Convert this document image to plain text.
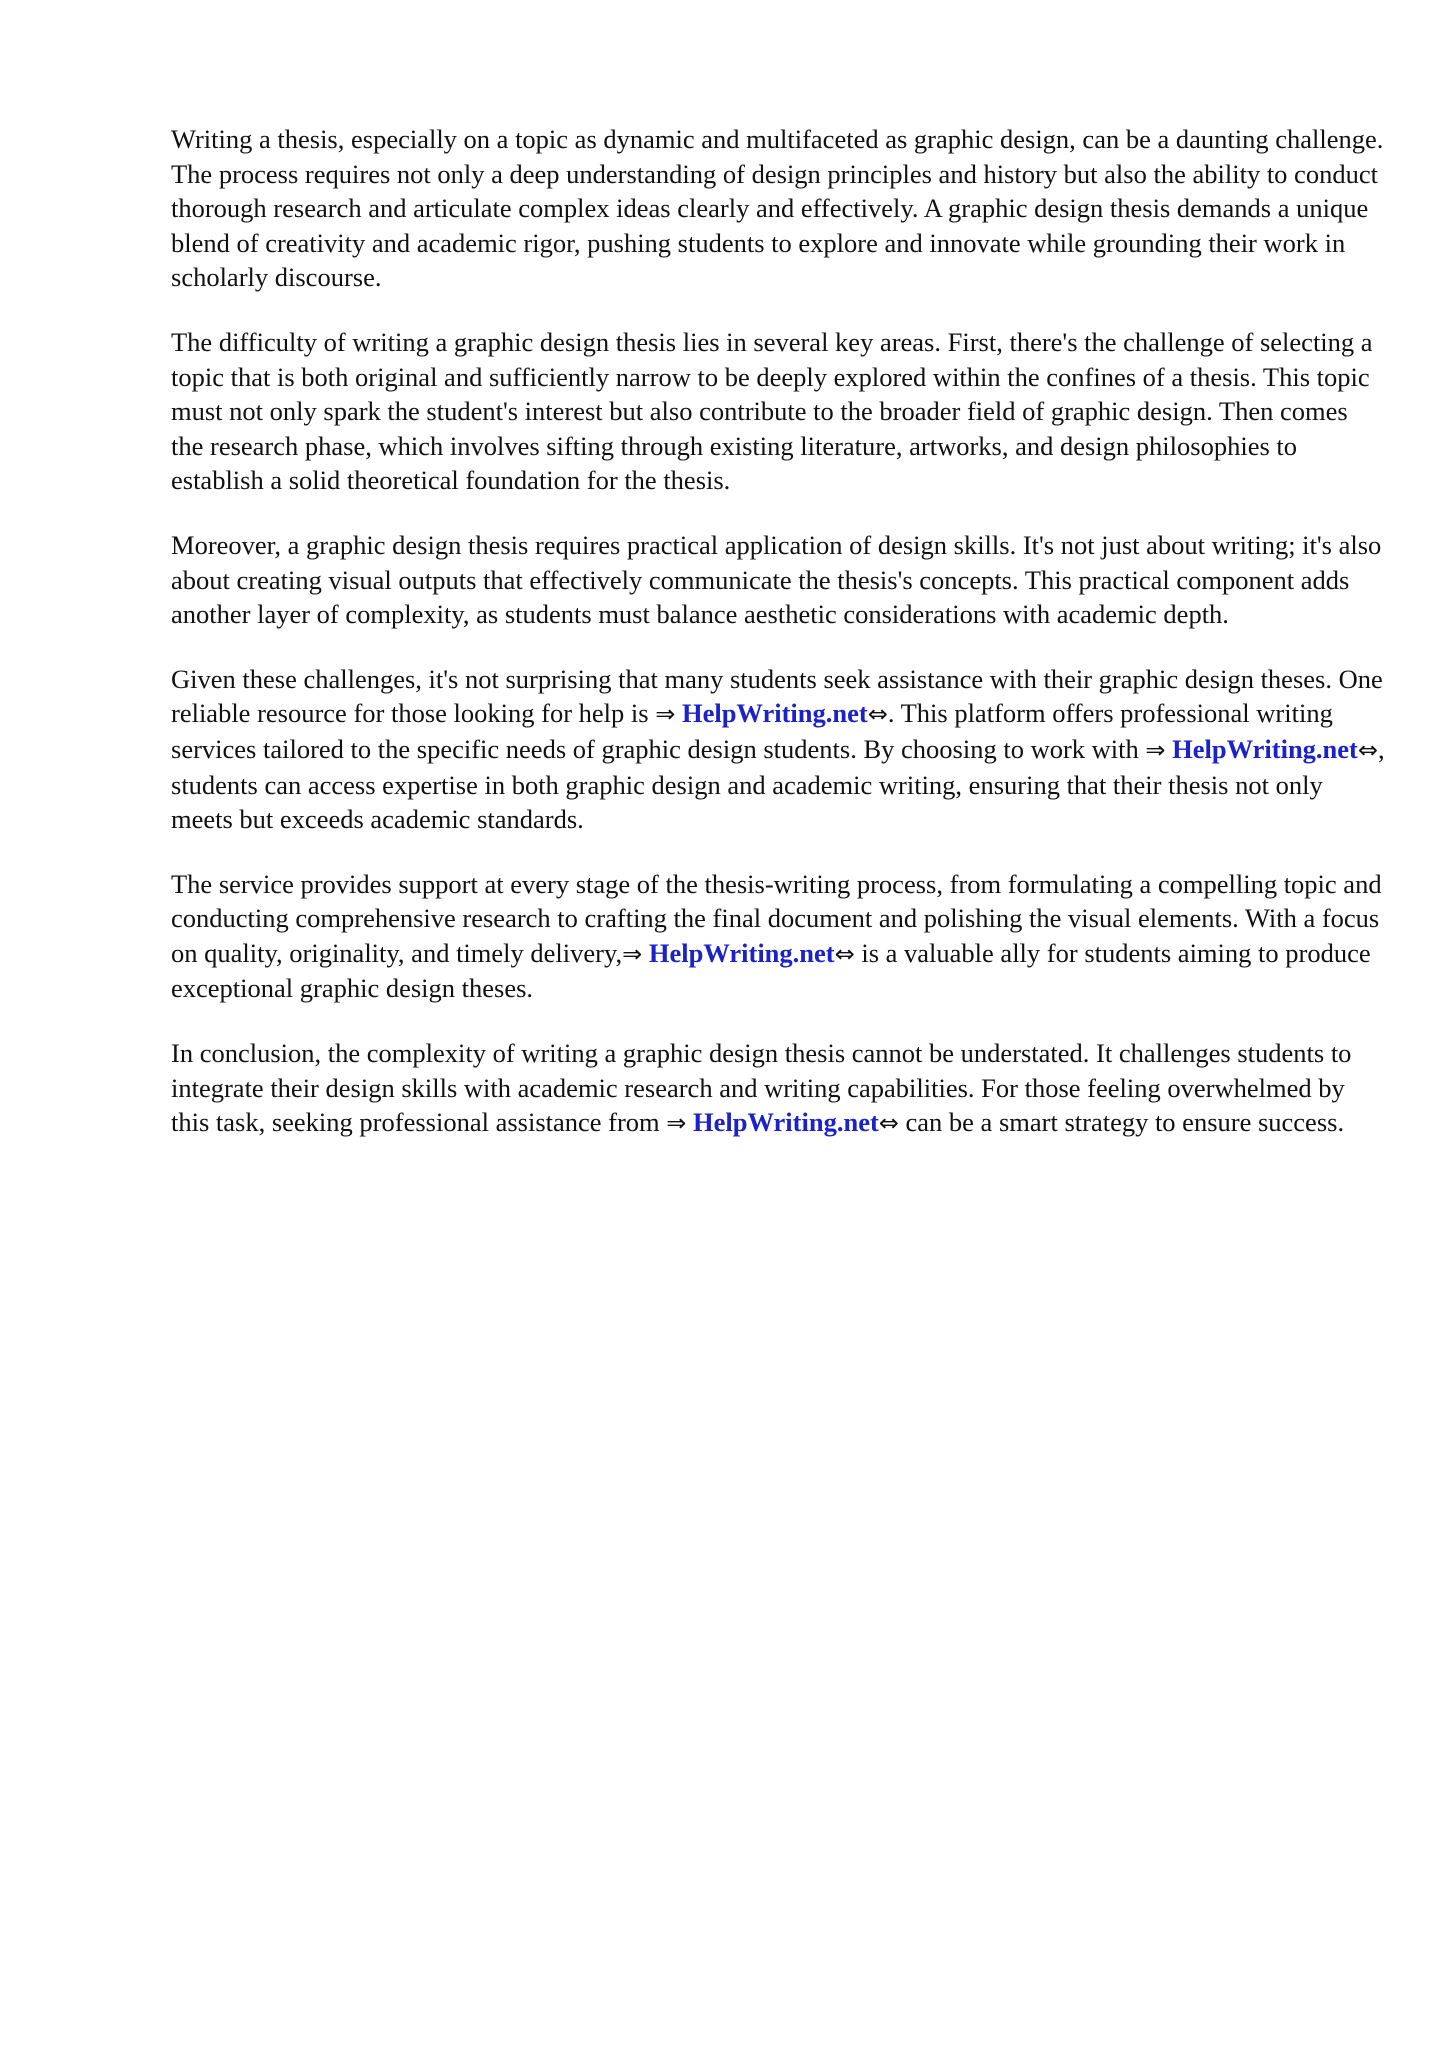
Writing a thesis, especially on a topic as dynamic and multifaceted as graphic design, can be a daunting challenge. The process requires not only a deep understanding of design principles and history but also the ability to conduct thorough research and articulate complex ideas clearly and effectively. A graphic design thesis demands a unique blend of creativity and academic rigor, pushing students to explore and innovate while grounding their work in scholarly discourse.

The difficulty of writing a graphic design thesis lies in several key areas. First, there's the challenge of selecting a topic that is both original and sufficiently narrow to be deeply explored within the confines of a thesis. This topic must not only spark the student's interest but also contribute to the broader field of graphic design. Then comes the research phase, which involves sifting through existing literature, artworks, and design philosophies to establish a solid theoretical foundation for the thesis.

Moreover, a graphic design thesis requires practical application of design skills. It's not just about writing; it's also about creating visual outputs that effectively communicate the thesis's concepts. This practical component adds another layer of complexity, as students must balance aesthetic considerations with academic depth.

Given these challenges, it's not surprising that many students seek assistance with their graphic design theses. One reliable resource for those looking for help is ⇒ HelpWriting.net⇔. This platform offers professional writing services tailored to the specific needs of graphic design students. By choosing to work with ⇒ HelpWriting.net⇔, students can access expertise in both graphic design and academic writing, ensuring that their thesis not only meets but exceeds academic standards.

The service provides support at every stage of the thesis-writing process, from formulating a compelling topic and conducting comprehensive research to crafting the final document and polishing the visual elements. With a focus on quality, originality, and timely delivery,⇒ HelpWriting.net⇔ is a valuable ally for students aiming to produce exceptional graphic design theses.

In conclusion, the complexity of writing a graphic design thesis cannot be understated. It challenges students to integrate their design skills with academic research and writing capabilities. For those feeling overwhelmed by this task, seeking professional assistance from ⇒ HelpWriting.net⇔ can be a smart strategy to ensure success.
